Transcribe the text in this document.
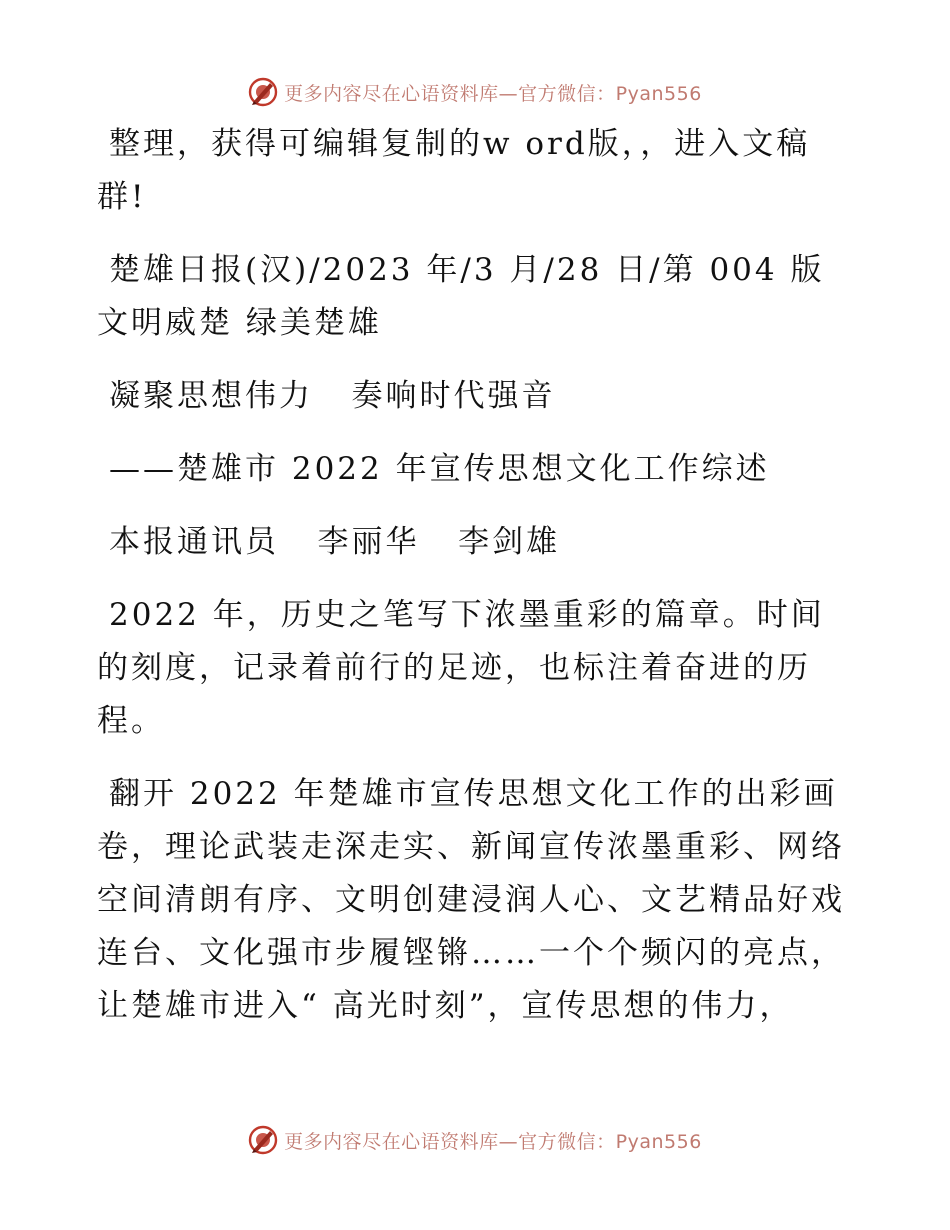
更多内容尽在心语资料库—官方微信：Pyan556

整理，获得可编辑复制的w ord版，，进入文稿群!

楚雄日报(汉)/2023 年/3 月/28 日/第 004 版文明威楚 绿美楚雄

凝聚思想伟力   奏响时代强音

——楚雄市 2022 年宣传思想文化工作综述

本报通讯员   李丽华   李剑雄

2022 年，历史之笔写下浓墨重彩的篇章。时间的刻度，记录着前行的足迹，也标注着奋进的历程。

翻开 2022 年楚雄市宣传思想文化工作的出彩画卷，理论武装走深走实、新闻宣传浓墨重彩、网络空间清朗有序、文明创建浸润人心、文艺精品好戏连台、文化强市步履铿锵……一个个频闪的亮点，让楚雄市进入“ 高光时刻”，宣传思想的伟力，

更多内容尽在心语资料库—官方微信：Pyan556
